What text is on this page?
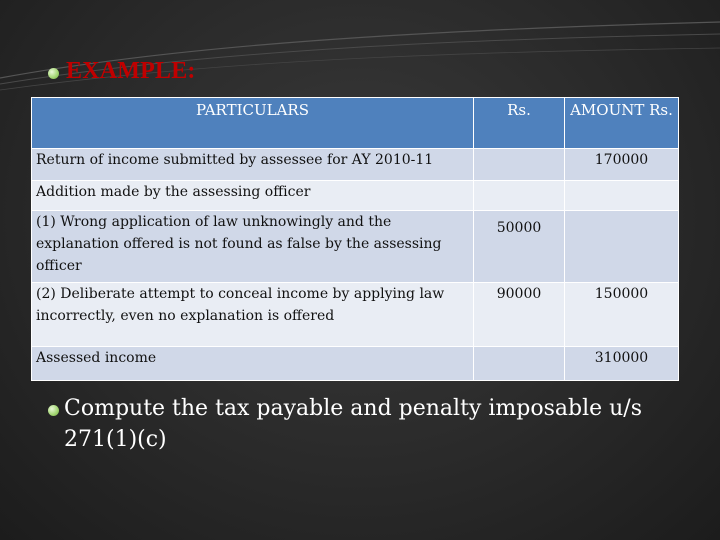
EXAMPLE:
PARTICULARS	Rs.	AMOUNT Rs.
Return of income submitted by assessee for AY 2010-11		170000
Addition made by the assessing officer		
(1) Wrong application of law unknowingly and the explanation offered is not found as false by the assessing officer	50000	
(2) Deliberate attempt to conceal income by applying law incorrectly, even no explanation is offered	90000	150000
Assessed income		310000
Compute the tax payable and penalty imposable u/s 271(1)(c)
